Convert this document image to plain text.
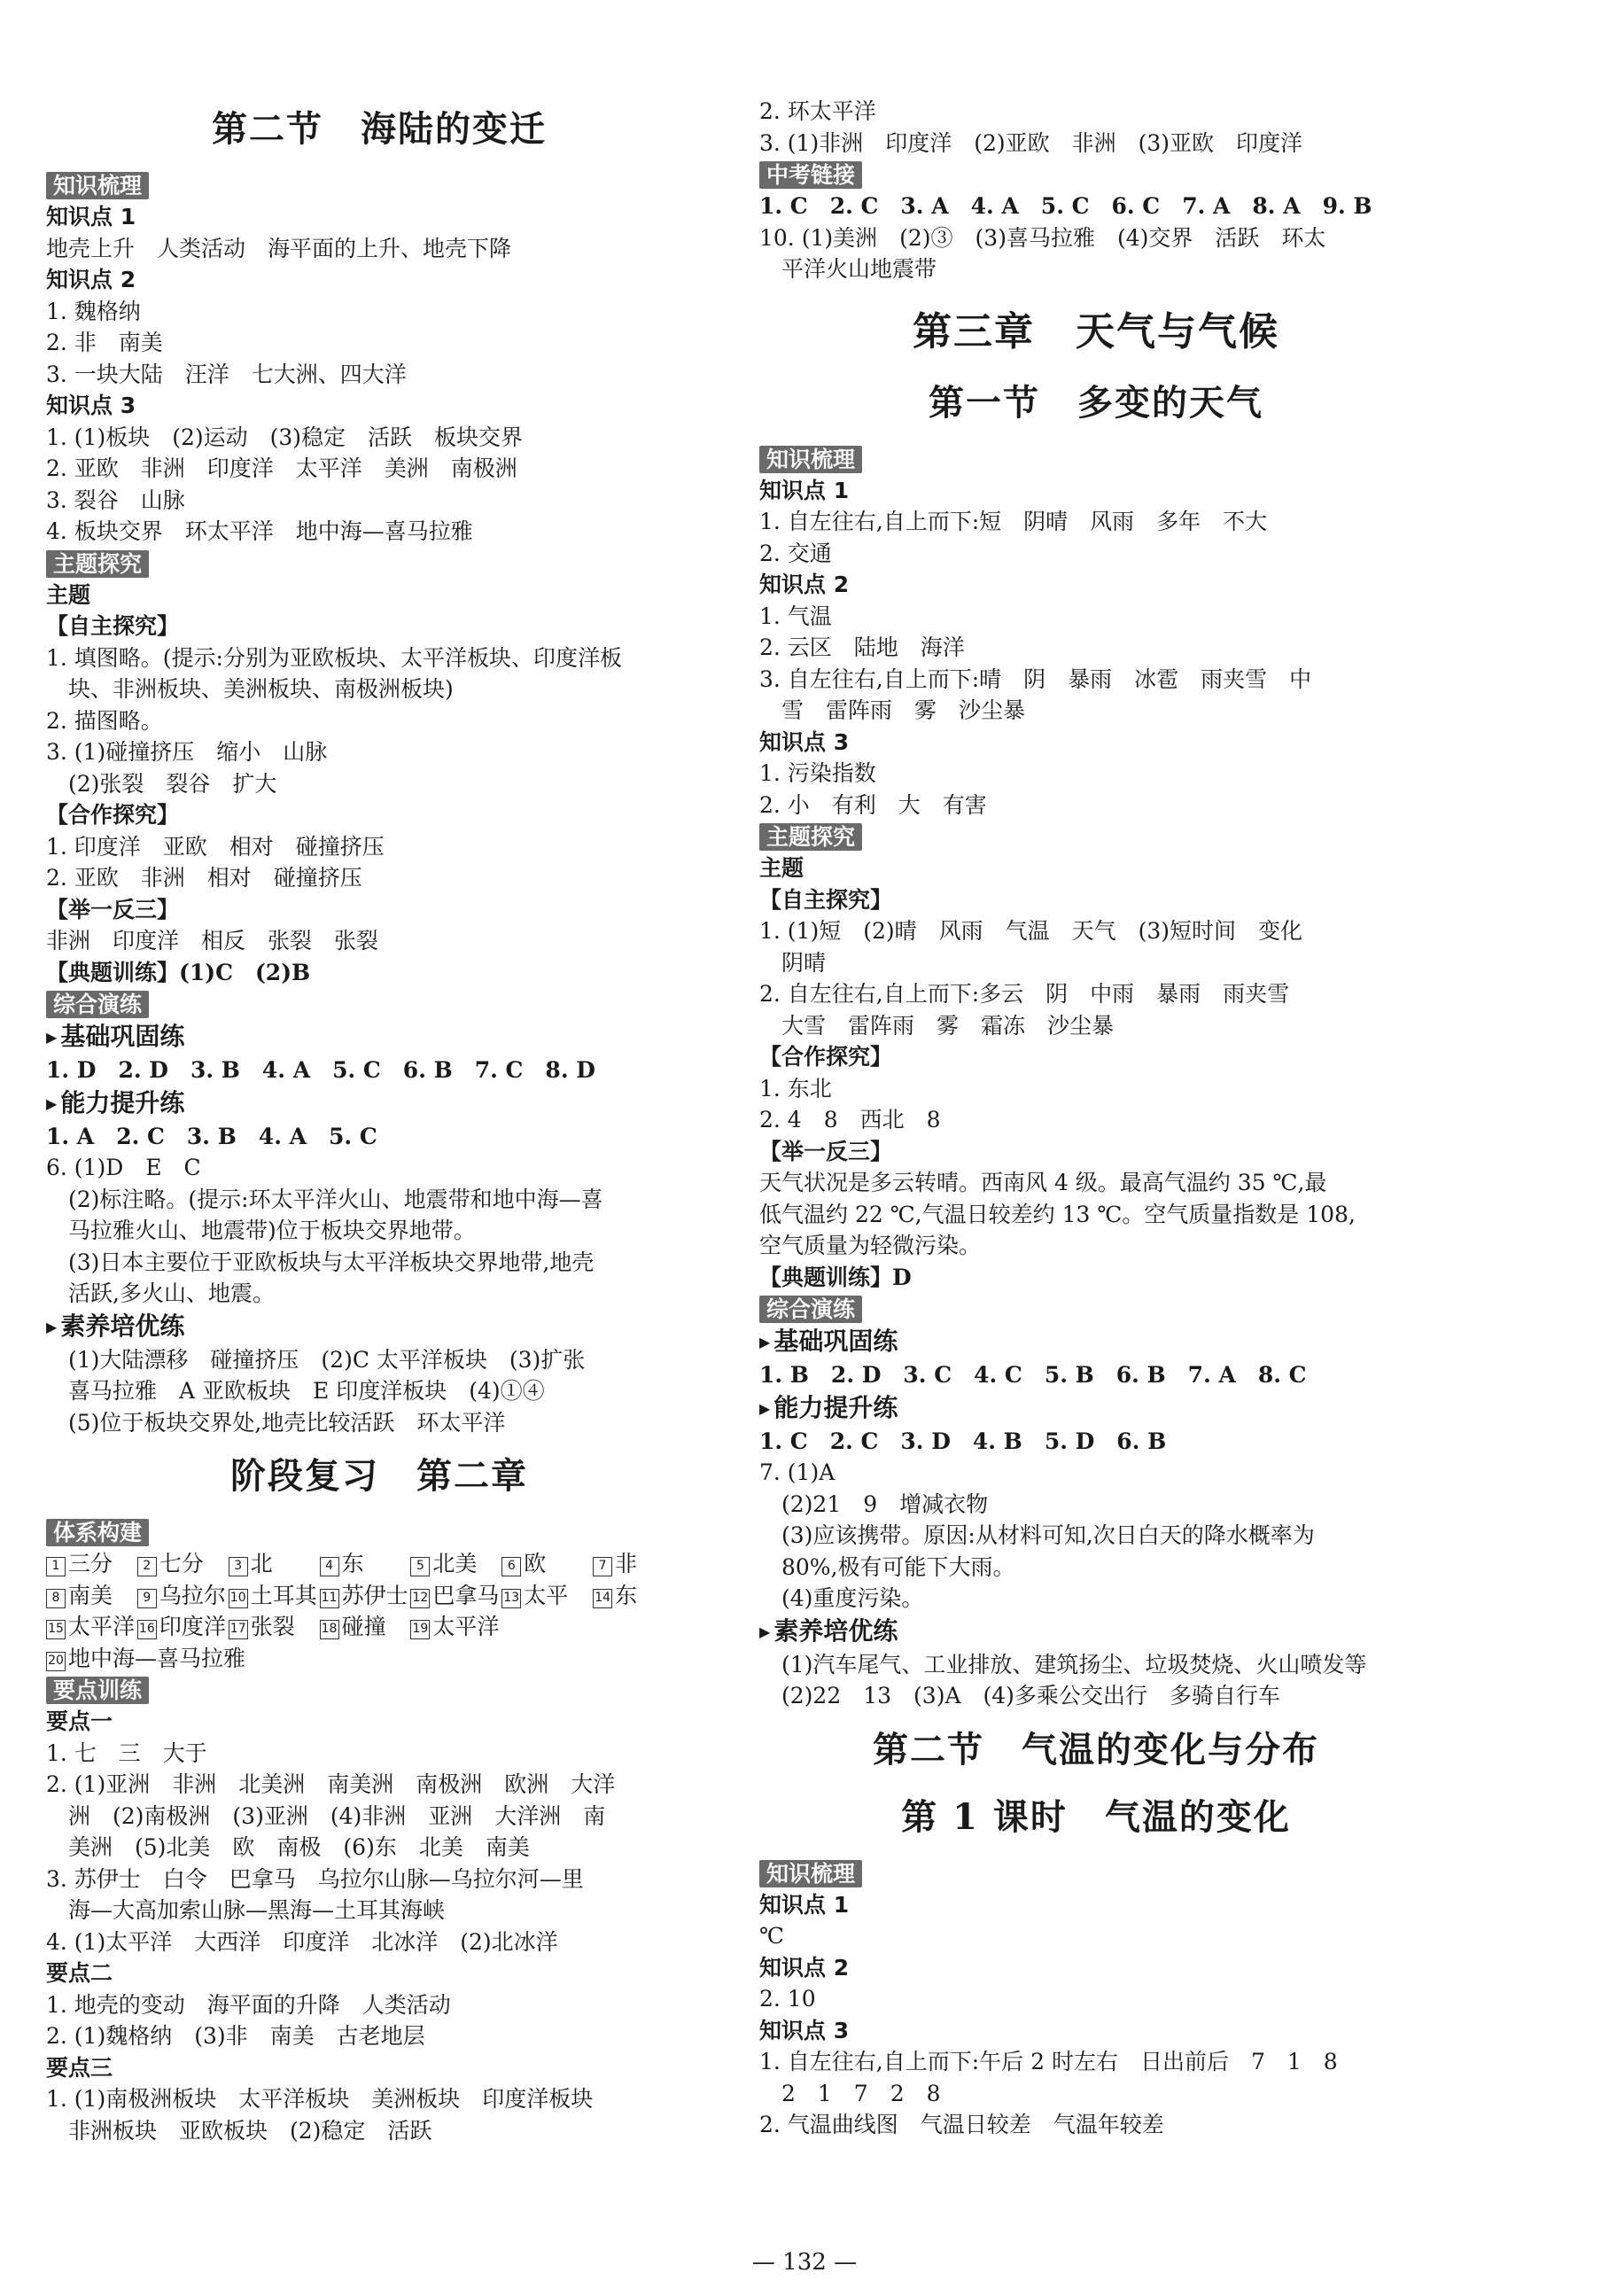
第二节　海陆的变迁
知识梳理
知识点 1
地壳上升　人类活动　海平面的上升、地壳下降
知识点 2
1. 魏格纳
2. 非　南美
3. 一块大陆　汪洋　七大洲、四大洋
知识点 3
1. (1)板块　(2)运动　(3)稳定　活跃　板块交界
2. 亚欧　非洲　印度洋　太平洋　美洲　南极洲
3. 裂谷　山脉
4. 板块交界　环太平洋　地中海—喜马拉雅
主题探究
主题
【自主探究】
1. 填图略。(提示:分别为亚欧板块、太平洋板块、印度洋板
块、非洲板块、美洲板块、南极洲板块)
2. 描图略。
3. (1)碰撞挤压　缩小　山脉
(2)张裂　裂谷　扩大
【合作探究】
1. 印度洋　亚欧　相对　碰撞挤压
2. 亚欧　非洲　相对　碰撞挤压
【举一反三】
非洲　印度洋　相反　张裂　张裂
【典题训练】(1)C　(2)B
综合演练
▶ 基础巩固练
1. D　2. D　3. B　4. A　5. C　6. B　7. C　8. D
▶ 能力提升练
1. A　2. C　3. B　4. A　5. C
6. (1)D　E　C
(2)标注略。(提示:环太平洋火山、地震带和地中海—喜
马拉雅火山、地震带)位于板块交界地带。
(3)日本主要位于亚欧板块与太平洋板块交界地带,地壳
活跃,多火山、地震。
▶ 素养培优练
(1)大陆漂移　碰撞挤压　(2)C 太平洋板块　(3)扩张
喜马拉雅　A 亚欧板块　E 印度洋板块　(4)①④
(5)位于板块交界处,地壳比较活跃　环太平洋
阶段复习　第二章
体系构建
1 三分	2 七分	3 北	4 东	5 北美	6 欧	7 非
8 南美	9 乌拉尔	10 土耳其	11 苏伊士	12 巴拿马	13 太平	14 东
15 太平洋	16 印度洋	17 张裂	18 碰撞	19 太平洋
20 地中海—喜马拉雅
要点训练
要点一
1. 七　三　大于
2. (1)亚洲　非洲　北美洲　南美洲　南极洲　欧洲　大洋
洲　(2)南极洲　(3)亚洲　(4)非洲　亚洲　大洋洲　南
美洲　(5)北美　欧　南极　(6)东　北美　南美
3. 苏伊士　白令　巴拿马　乌拉尔山脉—乌拉尔河—里
海—大高加索山脉—黑海—土耳其海峡
4. (1)太平洋　大西洋　印度洋　北冰洋　(2)北冰洋
要点二
1. 地壳的变动　海平面的升降　人类活动
2. (1)魏格纳　(3)非　南美　古老地层
要点三
1. (1)南极洲板块　太平洋板块　美洲板块　印度洋板块
非洲板块　亚欧板块　(2)稳定　活跃
2. 环太平洋
3. (1)非洲　印度洋　(2)亚欧　非洲　(3)亚欧　印度洋
中考链接
1. C　2. C　3. A　4. A　5. C　6. C　7. A　8. A　9. B
10. (1)美洲　(2)③　(3)喜马拉雅　(4)交界　活跃　环太
平洋火山地震带
第三章　天气与气候
第一节　多变的天气
知识梳理
知识点 1
1. 自左往右,自上而下:短　阴晴　风雨　多年　不大
2. 交通
知识点 2
1. 气温
2. 云区　陆地　海洋
3. 自左往右,自上而下:晴　阴　暴雨　冰雹　雨夹雪　中
雪　雷阵雨　雾　沙尘暴
知识点 3
1. 污染指数
2. 小　有利　大　有害
主题探究
主题
【自主探究】
1. (1)短　(2)晴　风雨　气温　天气　(3)短时间　变化
阴晴
2. 自左往右,自上而下:多云　阴　中雨　暴雨　雨夹雪
大雪　雷阵雨　雾　霜冻　沙尘暴
【合作探究】
1. 东北
2. 4　8　西北　8
【举一反三】
天气状况是多云转晴。西南风 4 级。最高气温约 35 ℃,最
低气温约 22 ℃,气温日较差约 13 ℃。空气质量指数是 108,
空气质量为轻微污染。
【典题训练】D
综合演练
▶ 基础巩固练
1. B　2. D　3. C　4. C　5. B　6. B　7. A　8. C
▶ 能力提升练
1. C　2. C　3. D　4. B　5. D　6. B
7. (1)A
(2)21　9　增减衣物
(3)应该携带。原因:从材料可知,次日白天的降水概率为
80%,极有可能下大雨。
(4)重度污染。
▶ 素养培优练
(1)汽车尾气、工业排放、建筑扬尘、垃圾焚烧、火山喷发等
(2)22　13　(3)A　(4)多乘公交出行　多骑自行车
第二节　气温的变化与分布
第 1 课时　气温的变化
知识梳理
知识点 1
℃
知识点 2
2. 10
知识点 3
1. 自左往右,自上而下:午后 2 时左右　日出前后　7　1　8
2　1　7　2　8
2. 气温曲线图　气温日较差　气温年较差
— 132 —
